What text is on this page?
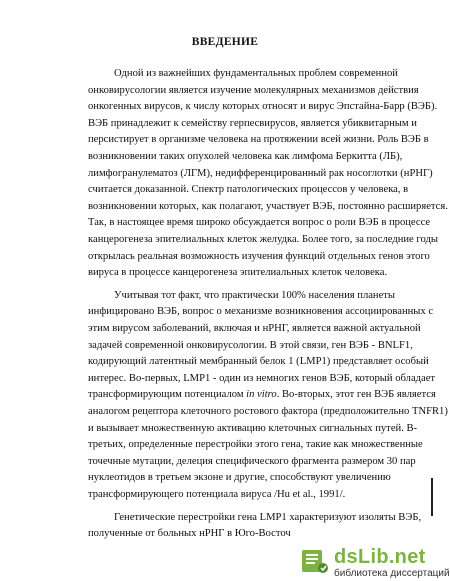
ВВЕДЕНИЕ
Одной из важнейших фундаментальных проблем современной
онковирусологии является изучение молекулярных механизмов действия
онкогенных вирусов, к числу которых относят и вирус Эпстайна-Барр (ВЭБ).
ВЭБ принадлежит к семейству герпесвирусов, является убиквитарным и
персистирует в организме человека на протяжении всей жизни. Роль ВЭБ в
возникновении таких опухолей человека как лимфома Беркитта (ЛБ),
лимфогранулематоз (ЛГМ), недифференцированный рак носоглотки (нРНГ)
считается доказанной. Спектр патологических процессов у человека, в
возникновении которых, как полагают, участвует ВЭБ, постоянно расширяется.
Так, в настоящее время широко обсуждается вопрос о роли ВЭБ в процессе
канцерогенеза эпителиальных клеток желудка. Более того, за последние годы
открылась реальная возможность изучения функций отдельных генов этого
вируса в процессе канцерогенеза эпителиальных клеток человека.
Учитывая тот факт, что практически 100% населения планеты
инфицировано ВЭБ, вопрос о механизме возникновения ассоциированных с
этим вирусом заболеваний, включая и нРНГ, является важной актуальной
задачей современной онковирусологии. В этой связи, ген ВЭБ - BNLF1,
кодирующий латентный мембранный белок 1 (LMP1) представляет особый
интерес. Во-первых, LMP1 - один из немногих генов ВЭБ, который обладает
трансформирующим потенциалом in vitro. Во-вторых, этот ген ВЭБ является
аналогом рецептора клеточного ростового фактора (предположительно TNFR1)
и вызывает множественную активацию клеточных сигнальных путей. В-
третьих, определенные перестройки этого гена, такие как множественные
точечные мутации, делеция специфического фрагмента размером 30 пар
нуклеотидов в третьем экзоне и другие, способствуют увеличению
трансформирующего потенциала вируса /Hu et al., 1991/.
Генетические перестройки гена LMP1 характеризуют изоляты ВЭБ,
полученные от больных нРНГ в Юго-Восточ
dsLib.net
библиотека диссертаций
